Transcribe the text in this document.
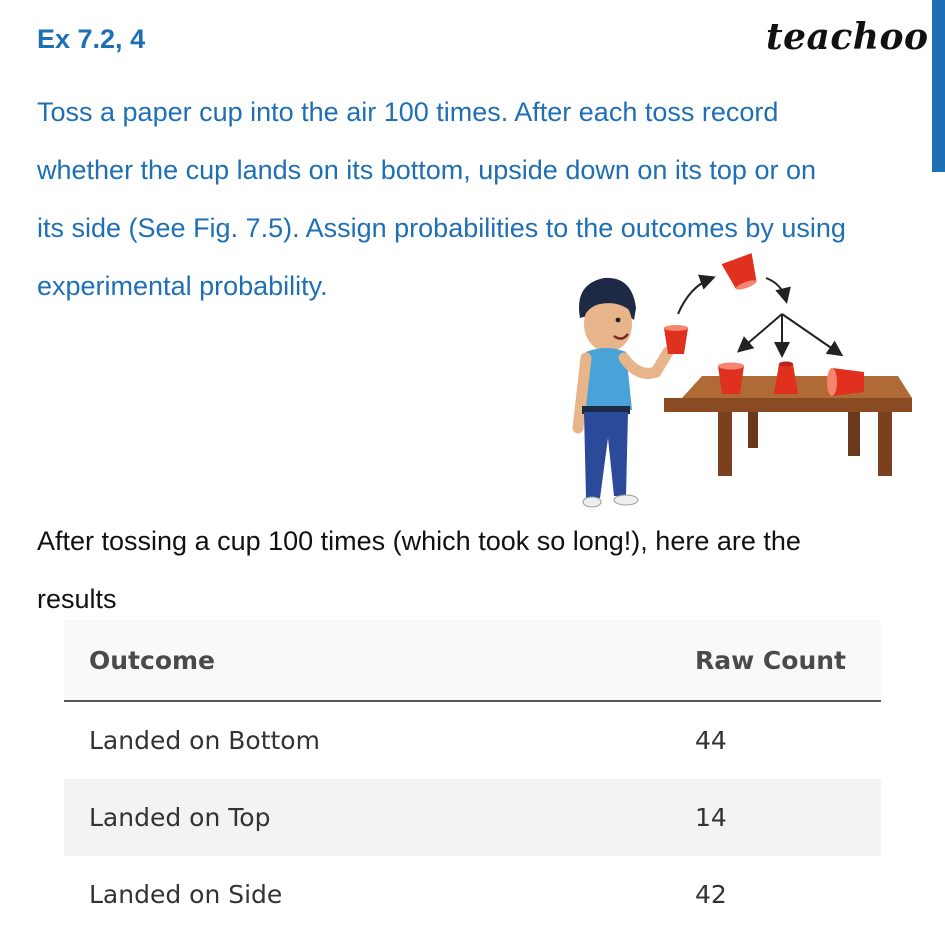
Ex 7.2, 4	teachoo

Toss a paper cup into the air 100 times. After each toss record
whether the cup lands on its bottom, upside down on its top or on
its side (See Fig. 7.5). Assign probabilities to the outcomes by using
experimental probability.

After tossing a cup 100 times (which took so long!), here are the
results

Outcome	Raw Count
Landed on Bottom	44
Landed on Top	14
Landed on Side	42
